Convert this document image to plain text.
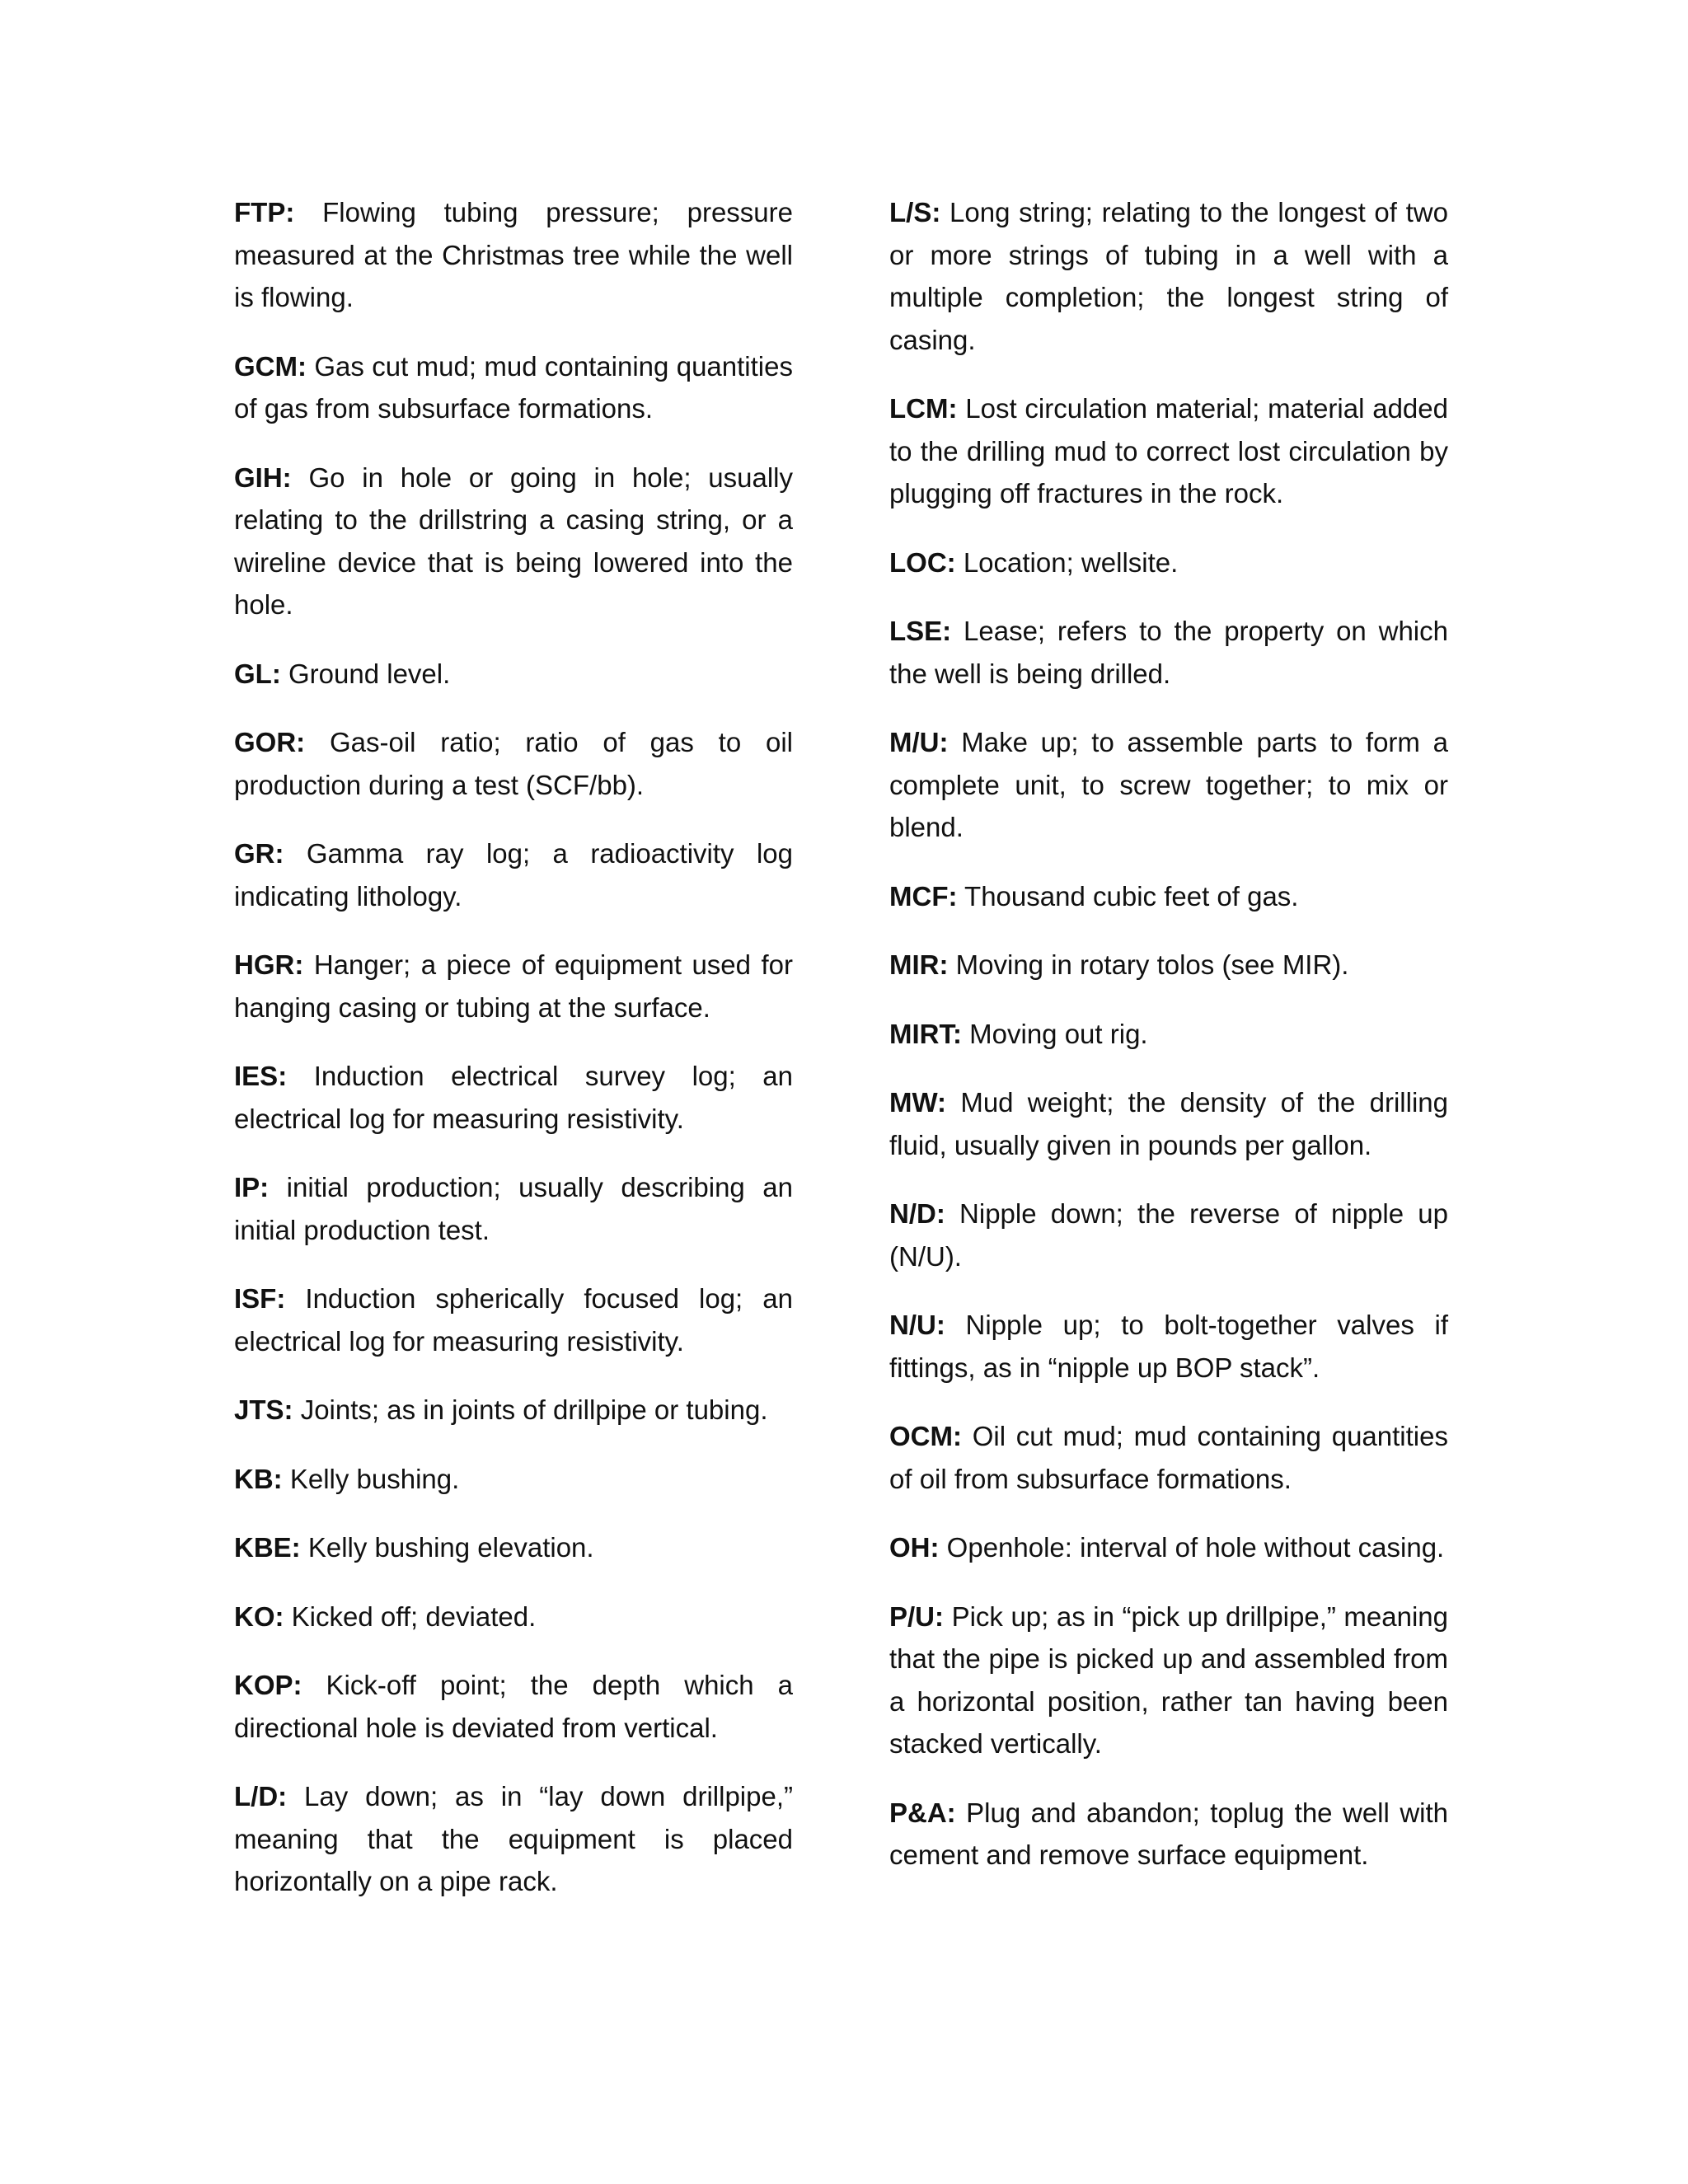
FTP: Flowing tubing pressure; pressure measured at the Christmas tree while the well is flowing.

GCM: Gas cut mud; mud containing quantities of gas from subsurface formations.

GIH: Go in hole or going in hole; usually relating to the drillstring a casing string, or a wireline device that is being lowered into the hole.

GL: Ground level.

GOR: Gas-oil ratio; ratio of gas to oil production during a test (SCF/bb).

GR: Gamma ray log; a radioactivity log indicating lithology.

HGR: Hanger; a piece of equipment used for hanging casing or tubing at the surface.

IES: Induction electrical survey log; an electrical log for measuring resistivity.

IP: initial production; usually describing an initial production test.

ISF: Induction spherically focused log; an electrical log for measuring resistivity.

JTS: Joints; as in joints of drillpipe or tubing.

KB: Kelly bushing.

KBE: Kelly bushing elevation.

KO: Kicked off; deviated.

KOP: Kick-off point; the depth which a directional hole is deviated from vertical.

L/D: Lay down; as in “lay down drillpipe,” meaning that the equipment is placed horizontally on a pipe rack.

L/S: Long string; relating to the longest of two or more strings of tubing in a well with a multiple completion; the longest string of casing.

LCM: Lost circulation material; material added to the drilling mud to correct lost circulation by plugging off fractures in the rock.

LOC: Location; wellsite.

LSE: Lease; refers to the property on which the well is being drilled.

M/U: Make up; to assemble parts to form a complete unit, to screw together; to mix or blend.

MCF: Thousand cubic feet of gas.

MIR: Moving in rotary tolos (see MIR).

MIRT: Moving out rig.

MW: Mud weight; the density of the drilling fluid, usually given in pounds per gallon.

N/D: Nipple down; the reverse of nipple up (N/U).

N/U: Nipple up; to bolt-together valves if fittings, as in “nipple up BOP stack”.

OCM: Oil cut mud; mud containing quantities of oil from subsurface formations.

OH: Openhole: interval of hole without casing.

P/U: Pick up; as in “pick up drillpipe,” meaning that the pipe is picked up and assembled from a horizontal position, rather tan having been stacked vertically.

P&A: Plug and abandon; toplug the well with cement and remove surface equipment.
